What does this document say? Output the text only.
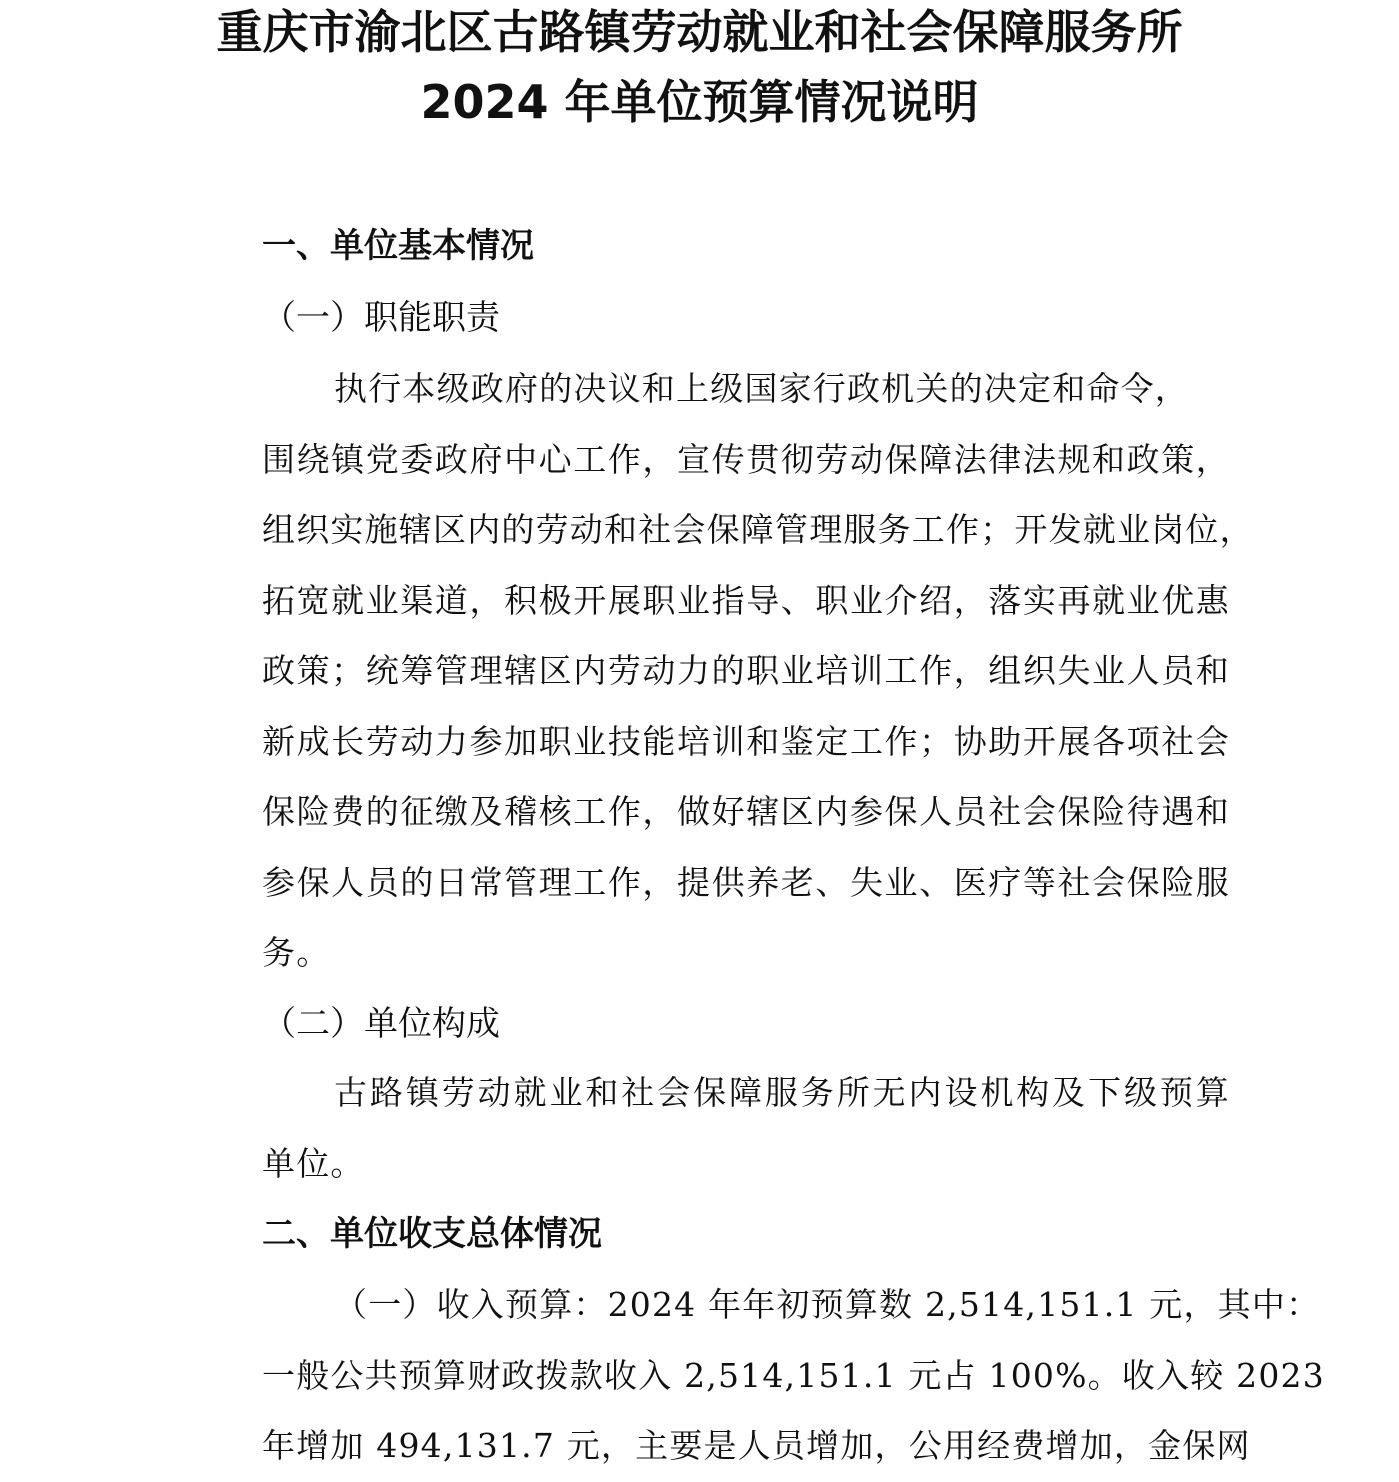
重庆市渝北区古路镇劳动就业和社会保障服务所
2024 年单位预算情况说明
一、单位基本情况
（一）职能职责
执行本级政府的决议和上级国家行政机关的决定和命令，
围绕镇党委政府中心工作，宣传贯彻劳动保障法律法规和政策，
组织实施辖区内的劳动和社会保障管理服务工作；开发就业岗位，
拓宽就业渠道，积极开展职业指导、职业介绍，落实再就业优惠
政策；统筹管理辖区内劳动力的职业培训工作，组织失业人员和
新成长劳动力参加职业技能培训和鉴定工作；协助开展各项社会
保险费的征缴及稽核工作，做好辖区内参保人员社会保险待遇和
参保人员的日常管理工作，提供养老、失业、医疗等社会保险服
务。
（二）单位构成
古路镇劳动就业和社会保障服务所无内设机构及下级预算
单位。
二、单位收支总体情况
（一）收入预算：2024 年年初预算数 2,514,151.1 元，其中：
一般公共预算财政拨款收入 2,514,151.1 元占 100%。收入较 2023
年增加 494,131.7 元，主要是人员增加，公用经费增加，金保网
